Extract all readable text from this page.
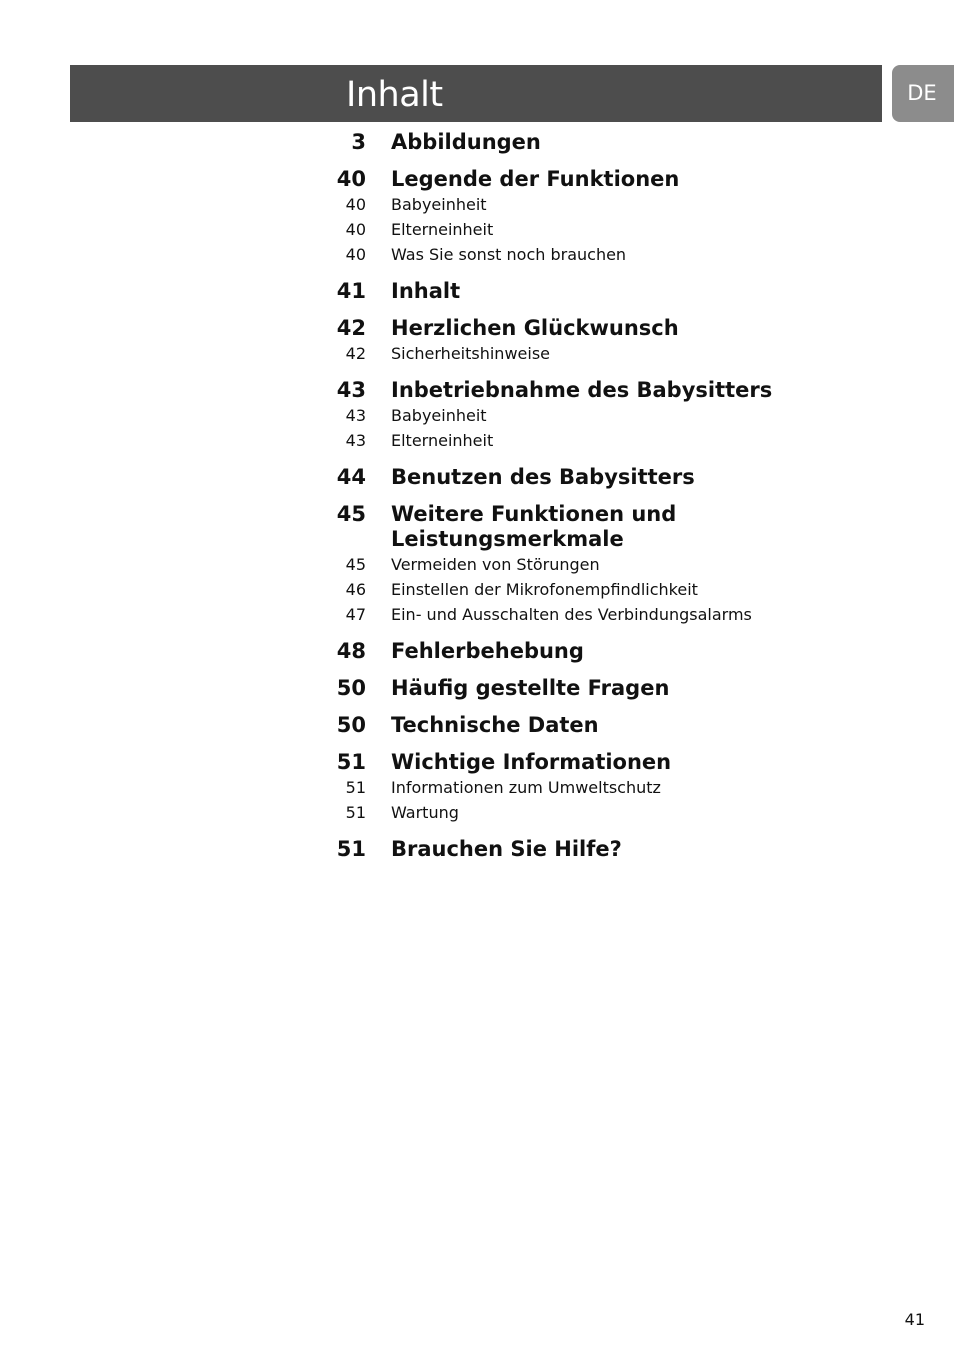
Inhalt	DE
3 Abbildungen
40 Legende der Funktionen
40 Babyeinheit
40 Elterneinheit
40 Was Sie sonst noch brauchen
41 Inhalt
42 Herzlichen Glückwunsch
42 Sicherheitshinweise
43 Inbetriebnahme des Babysitters
43 Babyeinheit
43 Elterneinheit
44 Benutzen des Babysitters
45 Weitere Funktionen und Leistungsmerkmale
45 Vermeiden von Störungen
46 Einstellen der Mikrofonempfindlichkeit
47 Ein- und Ausschalten des Verbindungsalarms
48 Fehlerbehebung
50 Häufig gestellte Fragen
50 Technische Daten
51 Wichtige Informationen
51 Informationen zum Umweltschutz
51 Wartung
51 Brauchen Sie Hilfe?
41
